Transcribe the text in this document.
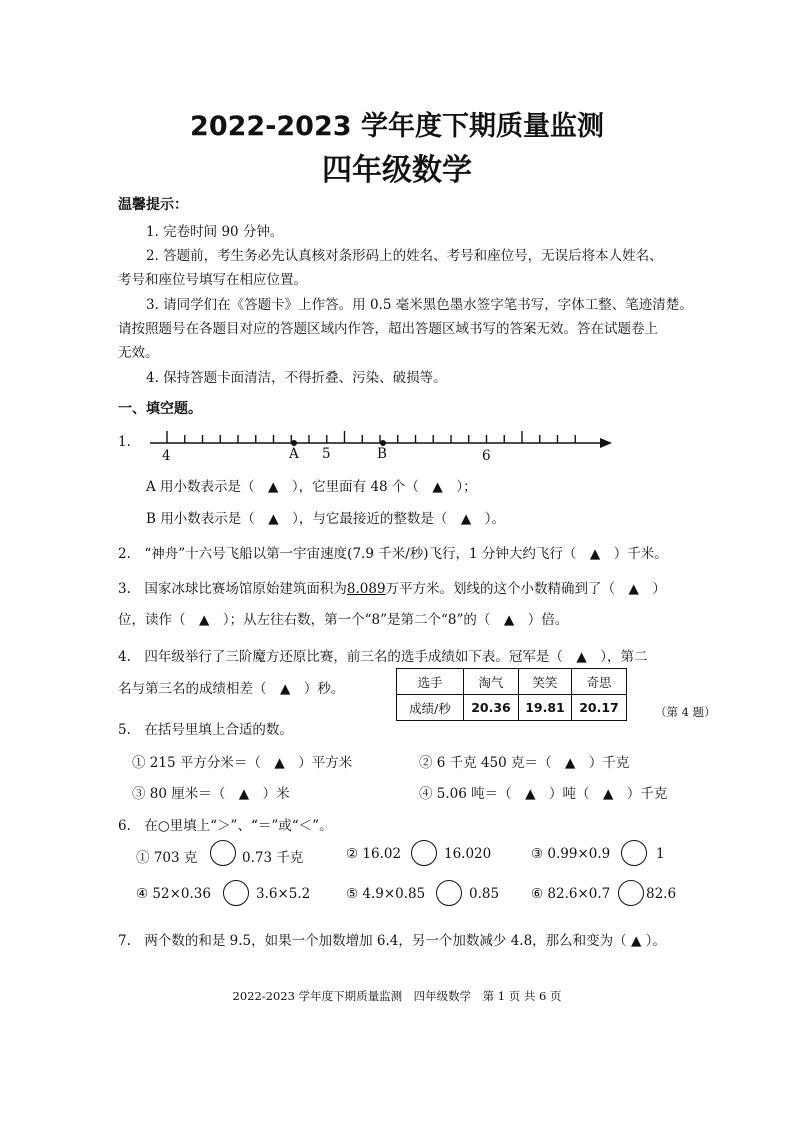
2022-2023 学年度下期质量监测
四年级数学
温馨提示：
1. 完卷时间 90 分钟。
2. 答题前，考生务必先认真核对条形码上的姓名、考号和座位号，无误后将本人姓名、
考号和座位号填写在相应位置。
3. 请同学们在《答题卡》上作答。用 0.5 毫米黑色墨水签字笔书写，字体工整、笔迹清楚。
请按照题号在各题目对应的答题区域内作答，超出答题区域书写的答案无效。答在试题卷上
无效。
4. 保持答题卡面清洁，不得折叠、污染、破损等。
一、填空题。
1.
4	A 5	B	6
A 用小数表示是（　▲　），它里面有 48 个（　▲　）；
B 用小数表示是（　▲　），与它最接近的整数是（　▲　）。
2.　“神舟”十六号飞船以第一宇宙速度(7.9 千米/秒)飞行，1 分钟大约飞行（　▲　）千米。
3.　国家冰球比赛场馆原始建筑面积为8.089万平方米。划线的这个小数精确到了（　▲　）
位，读作（　▲　）；从左往右数，第一个“8”是第二个“8”的（　▲　）倍。
4.　四年级举行了三阶魔方还原比赛，前三名的选手成绩如下表。冠军是（　▲　），第二
名与第三名的成绩相差（　▲　）秒。	选手	淘气	笑笑	奇思
成绩/秒	20.36	19.81	20.17	（第 4 题）
5.　在括号里填上合适的数。
① 215 平方分米＝（　▲　）平方米	② 6 千克 450 克＝（　▲　）千克
③ 80 厘米＝（　▲　）米	④ 5.06 吨＝（　▲　）吨（　▲　）千克
6.　在○里填上“＞”、“＝”或“＜”。
① 703 克	0.73 千克	② 16.02	16.020	③ 0.99×0.9	1
④ 52×0.36	3.6×5.2	⑤ 4.9×0.85	0.85 ⑥ 82.6×0.7	82.6
7.　两个数的和是 9.5，如果一个加数增加 6.4，另一个加数减少 4.8，那么和变为（ ▲ ）。
2022-2023 学年度下期质量监测　四年级数学　第 1 页 共 6 页
